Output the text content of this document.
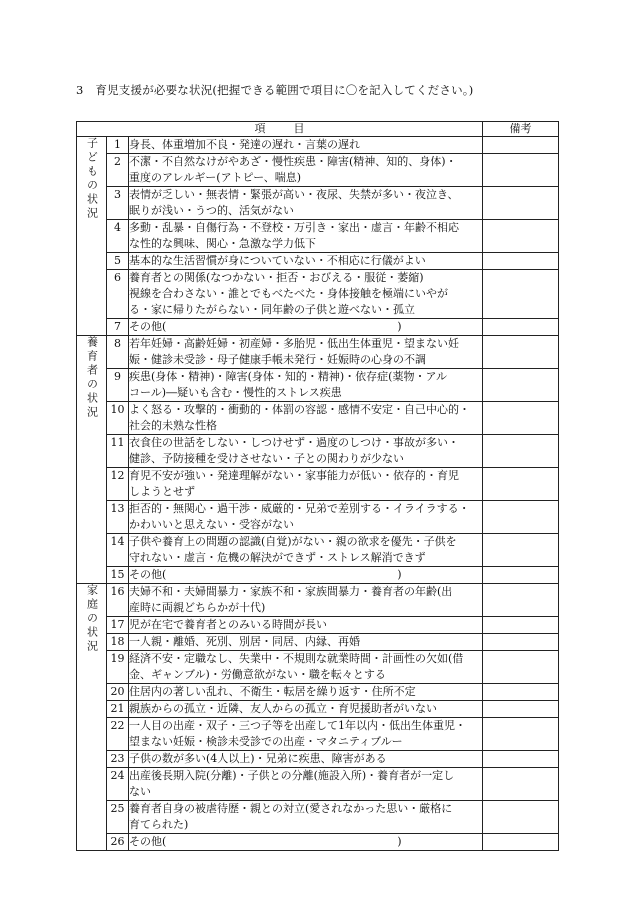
3 育児支援が必要な状況(把握できる範囲で項目に〇を記入してください。)
項目			備考
子どもの状況	1	身長、体重増加不良・発達の遅れ・言葉の遅れ	
	2	不潔・不自然なけがやあざ・慢性疾患・障害(精神、知的、身体)・
重度のアレルギー(アトピー、喘息)	
	3	表情が乏しい・無表情・緊張が高い・夜尿、失禁が多い・夜泣き、
眠りが浅い・うつ的、活気がない	
	4	多動・乱暴・自傷行為・不登校・万引き・家出・虚言・年齢不相応
な性的な興味、関心・急激な学力低下	
	5	基本的な生活習慣が身についていない・不相応に行儀がよい	
	6	養育者との関係(なつかない・拒否・おびえる・服従・萎縮)
視線を合わさない・誰とでもべたべた・身体接触を極端にいやが
る・家に帰りたがらない・同年齢の子供と遊べない・孤立	
	7	その他(　　　　　　　　　　　　　　　　　　　　　)	
養育者の状況	8	若年妊婦・高齢妊婦・初産婦・多胎児・低出生体重児・望まない妊
娠・健診未受診・母子健康手帳未発行・妊娠時の心身の不調	
	9	疾患(身体・精神)・障害(身体・知的・精神)・依存症(薬物・アル
コール)―疑いも含む・慢性的ストレス疾患	
	10	よく怒る・攻撃的・衝動的・体罰の容認・感情不安定・自己中心的・
社会的未熟な性格	
	11	衣食住の世話をしない・しつけせず・過度のしつけ・事故が多い・
健診、予防接種を受けさせない・子との関わりが少ない	
	12	育児不安が強い・発達理解がない・家事能力が低い・依存的・育児
しようとせず	
	13	拒否的・無関心・過干渉・威厳的・兄弟で差別する・イライラする・
かわいいと思えない・受容がない	
	14	子供や養育上の問題の認識(自覚)がない・親の欲求を優先・子供を
守れない・虚言・危機の解決ができず・ストレス解消できず	
	15	その他(　　　　　　　　　　　　　　　　　　　　　)	
家庭の状況	16	夫婦不和・夫婦間暴力・家族不和・家族間暴力・養育者の年齢(出
産時に両親どちらかが十代)	
	17	児が在宅で養育者とのみいる時間が長い	
	18	一人親・離婚、死別、別居・同居、内縁、再婚	
	19	経済不安・定職なし、失業中・不規則な就業時間・計画性の欠如(借
金、ギャンブル)・労働意欲がない・職を転々とする	
	20	住居内の著しい乱れ、不衛生・転居を繰り返す・住所不定	
	21	親族からの孤立・近隣、友人からの孤立・育児援助者がいない	
	22	一人目の出産・双子・三つ子等を出産して1年以内・低出生体重児・
望まない妊娠・検診未受診での出産・マタニティブルー	
	23	子供の数が多い(4人以上)・兄弟に疾患、障害がある	
	24	出産後長期入院(分離)・子供との分離(施設入所)・養育者が一定し
ない	
	25	養育者自身の被虐待歴・親との対立(愛されなかった思い・厳格に
育てられた)	
	26	その他(　　　　　　　　　　　　　　　　　　　　　)	
